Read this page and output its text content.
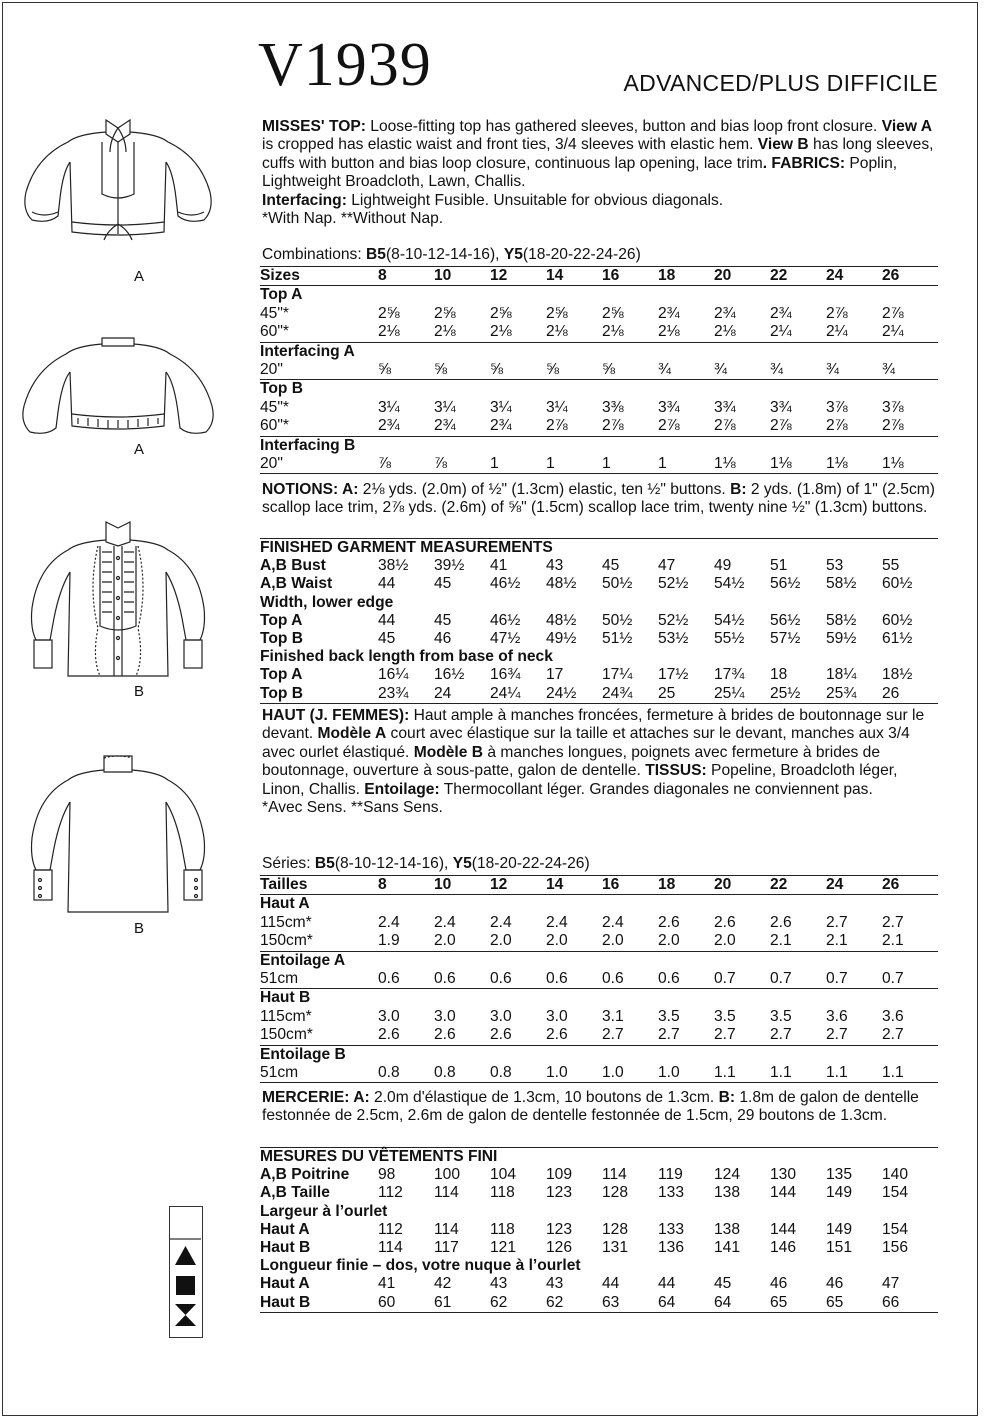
V1939	ADVANCED/PLUS DIFFICILE
A
A
B
B
MISSES' TOP: Loose-fitting top has gathered sleeves, button and bias loop front closure. View A is cropped has elastic waist and front ties, 3/4 sleeves with elastic hem. View B has long sleeves, cuffs with button and bias loop closure, continuous lap opening, lace trim. FABRICS: Poplin, Lightweight Broadcloth, Lawn, Challis.
Interfacing: Lightweight Fusible. Unsuitable for obvious diagonals.
*With Nap. **Without Nap.
Combinations: B5(8-10-12-14-16), Y5(18-20-22-24-26)
Sizes	8	10	12	14	16	18	20	22	24	26
Top A										
45"*	2⅝	2⅝	2⅝	2⅝	2⅝	2¾	2¾	2¾	2⅞	2⅞
60"*	2⅛	2⅛	2⅛	2⅛	2⅛	2⅛	2⅛	2¼	2¼	2¼
Interfacing A										
20"	⅝	⅝	⅝	⅝	⅝	¾	¾	¾	¾	¾
Top B										
45"*	3¼	3¼	3¼	3¼	3⅜	3¾	3¾	3¾	3⅞	3⅞
60"*	2¾	2¾	2¾	2⅞	2⅞	2⅞	2⅞	2⅞	2⅞	2⅞
Interfacing B										
20"	⅞	⅞	1	1	1	1	1⅛	1⅛	1⅛	1⅛
NOTIONS: A: 2⅛ yds. (2.0m) of ½" (1.3cm) elastic, ten ½" buttons. B: 2 yds. (1.8m) of 1" (2.5cm) scallop lace trim, 2⅞ yds. (2.6m) of ⅝" (1.5cm) scallop lace trim, twenty nine ½" (1.3cm) buttons.
FINISHED GARMENT MEASUREMENTS										
A,B Bust	38½	39½	41	43	45	47	49	51	53	55
A,B Waist	44	45	46½	48½	50½	52½	54½	56½	58½	60½
Width, lower edge										
Top A	44	45	46½	48½	50½	52½	54½	56½	58½	60½
Top B	45	46	47½	49½	51½	53½	55½	57½	59½	61½
Finished back length from base of neck										
Top A	16¼	16½	16¾	17	17¼	17½	17¾	18	18¼	18½
Top B	23¾	24	24¼	24½	24¾	25	25¼	25½	25¾	26
HAUT (J. FEMMES): Haut ample à manches froncées, fermeture à brides de boutonnage sur le devant. Modèle A court avec élastique sur la taille et attaches sur le devant, manches aux 3/4 avec ourlet élastiqué. Modèle B à manches longues, poignets avec fermeture à brides de boutonnage, ouverture à sous-patte, galon de dentelle. TISSUS: Popeline, Broadcloth léger, Linon, Challis. Entoilage: Thermocollant léger. Grandes diagonales ne conviennent pas.
*Avec Sens. **Sans Sens.
Séries: B5(8-10-12-14-16), Y5(18-20-22-24-26)
Tailles	8	10	12	14	16	18	20	22	24	26
Haut A										
115cm*	2.4	2.4	2.4	2.4	2.4	2.6	2.6	2.6	2.7	2.7
150cm*	1.9	2.0	2.0	2.0	2.0	2.0	2.0	2.1	2.1	2.1
Entoilage A										
51cm	0.6	0.6	0.6	0.6	0.6	0.6	0.7	0.7	0.7	0.7
Haut B										
115cm*	3.0	3.0	3.0	3.0	3.1	3.5	3.5	3.5	3.6	3.6
150cm*	2.6	2.6	2.6	2.6	2.7	2.7	2.7	2.7	2.7	2.7
Entoilage B										
51cm	0.8	0.8	0.8	1.0	1.0	1.0	1.1	1.1	1.1	1.1
MERCERIE: A: 2.0m d'élastique de 1.3cm, 10 boutons de 1.3cm. B: 1.8m de galon de dentelle festonnée de 2.5cm, 2.6m de galon de dentelle festonnée de 1.5cm, 29 boutons de 1.3cm.
MESURES DU VÊTEMENTS FINI										
A,B Poitrine	98	100	104	109	114	119	124	130	135	140
A,B Taille	112	114	118	123	128	133	138	144	149	154
Largeur à l’ourlet										
Haut A	112	114	118	123	128	133	138	144	149	154
Haut B	114	117	121	126	131	136	141	146	151	156
Longueur finie – dos, votre nuque à l’ourlet										
Haut A	41	42	43	43	44	44	45	46	46	47
Haut B	60	61	62	62	63	64	64	65	65	66
